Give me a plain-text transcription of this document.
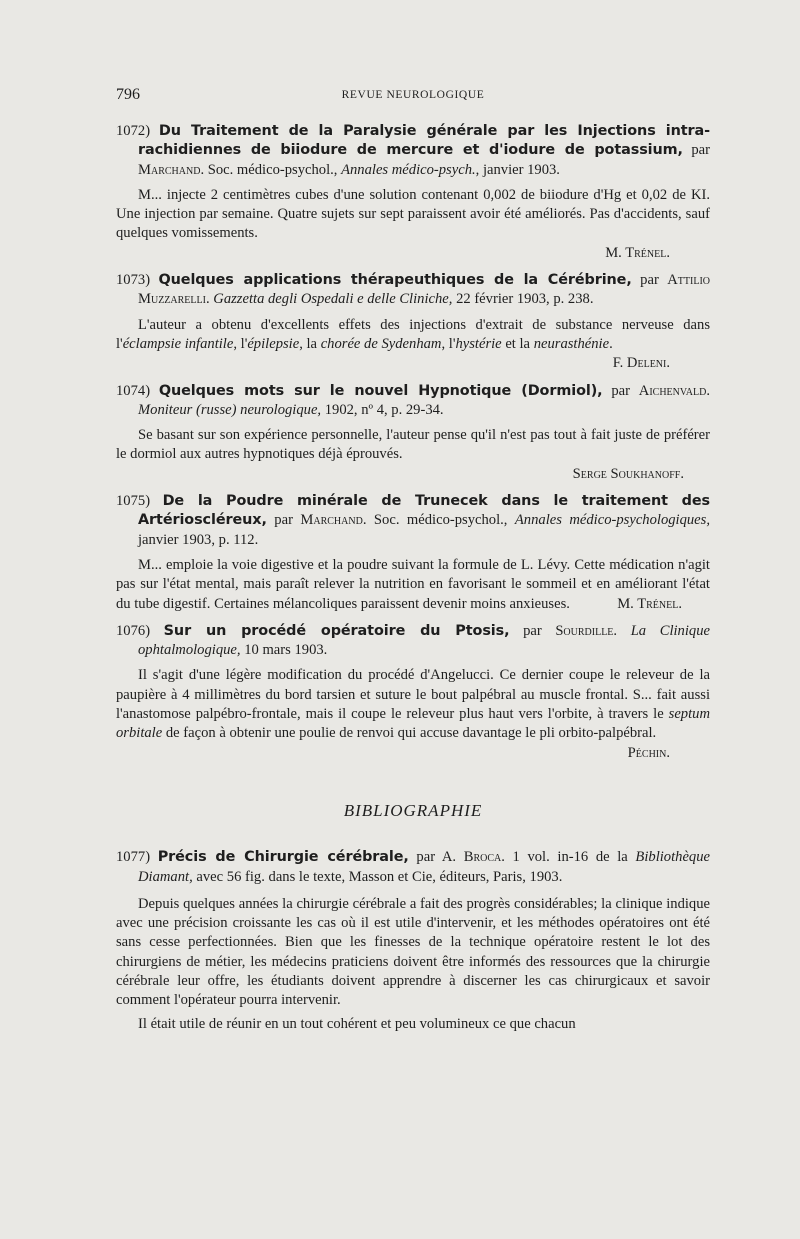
796	REVUE NEUROLOGIQUE

1072) Du Traitement de la Paralysie générale par les Injections intra-rachidiennes de biiodure de mercure et d'iodure de potassium, par Marchand. Soc. médico-psychol., Annales médico-psych., janvier 1903.

M... injecte 2 centimètres cubes d'une solution contenant 0,002 de biiodure d'Hg et 0,02 de KI. Une injection par semaine. Quatre sujets sur sept paraissent avoir été améliorés. Pas d'accidents, sauf quelques vomissements.

M. Trénel.

1073) Quelques applications thérapeuthiques de la Cérébrine, par Attilio Muzzarelli. Gazzetta degli Ospedali e delle Cliniche, 22 février 1903, p. 238.

L'auteur a obtenu d'excellents effets des injections d'extrait de substance nerveuse dans l'éclampsie infantile, l'épilepsie, la chorée de Sydenham, l'hystérie et la neurasthénie.

F. Deleni.

1074) Quelques mots sur le nouvel Hypnotique (Dormiol), par Aichenvald. Moniteur (russe) neurologique, 1902, nº 4, p. 29-34.

Se basant sur son expérience personnelle, l'auteur pense qu'il n'est pas tout à fait juste de préférer le dormiol aux autres hypnotiques déjà éprouvés.

Serge Soukhanoff.

1075) De la Poudre minérale de Trunecek dans le traitement des Artérioscléreux, par Marchand. Soc. médico-psychol., Annales médico-psychologiques, janvier 1903, p. 112.

M... emploie la voie digestive et la poudre suivant la formule de L. Lévy. Cette médication n'agit pas sur l'état mental, mais paraît relever la nutrition en favorisant le sommeil et en améliorant l'état du tube digestif. Certaines mélancoliques paraissent devenir moins anxieuses.	M. Trénel.

1076) Sur un procédé opératoire du Ptosis, par Sourdille. La Clinique ophtalmologique, 10 mars 1903.

Il s'agit d'une légère modification du procédé d'Angelucci. Ce dernier coupe le releveur de la paupière à 4 millimètres du bord tarsien et suture le bout palpébral au muscle frontal. S... fait aussi l'anastomose palpébro-frontale, mais il coupe le releveur plus haut vers l'orbite, à travers le septum orbitale de façon à obtenir une poulie de renvoi qui accuse davantage le pli orbito-palpébral.

Péchin.

BIBLIOGRAPHIE

1077) Précis de Chirurgie cérébrale, par A. Broca. 1 vol. in-16 de la Bibliothèque Diamant, avec 56 fig. dans le texte, Masson et Cie, éditeurs, Paris, 1903.

Depuis quelques années la chirurgie cérébrale a fait des progrès considérables; la clinique indique avec une précision croissante les cas où il est utile d'intervenir, et les méthodes opératoires ont été sans cesse perfectionnées. Bien que les finesses de la technique opératoire restent le lot des chirurgiens de métier, les médecins praticiens doivent être informés des ressources que la chirurgie cérébrale leur offre, les étudiants doivent apprendre à discerner les cas chirurgicaux et savoir comment l'opérateur pourra intervenir.

Il était utile de réunir en un tout cohérent et peu volumineux ce que chacun
